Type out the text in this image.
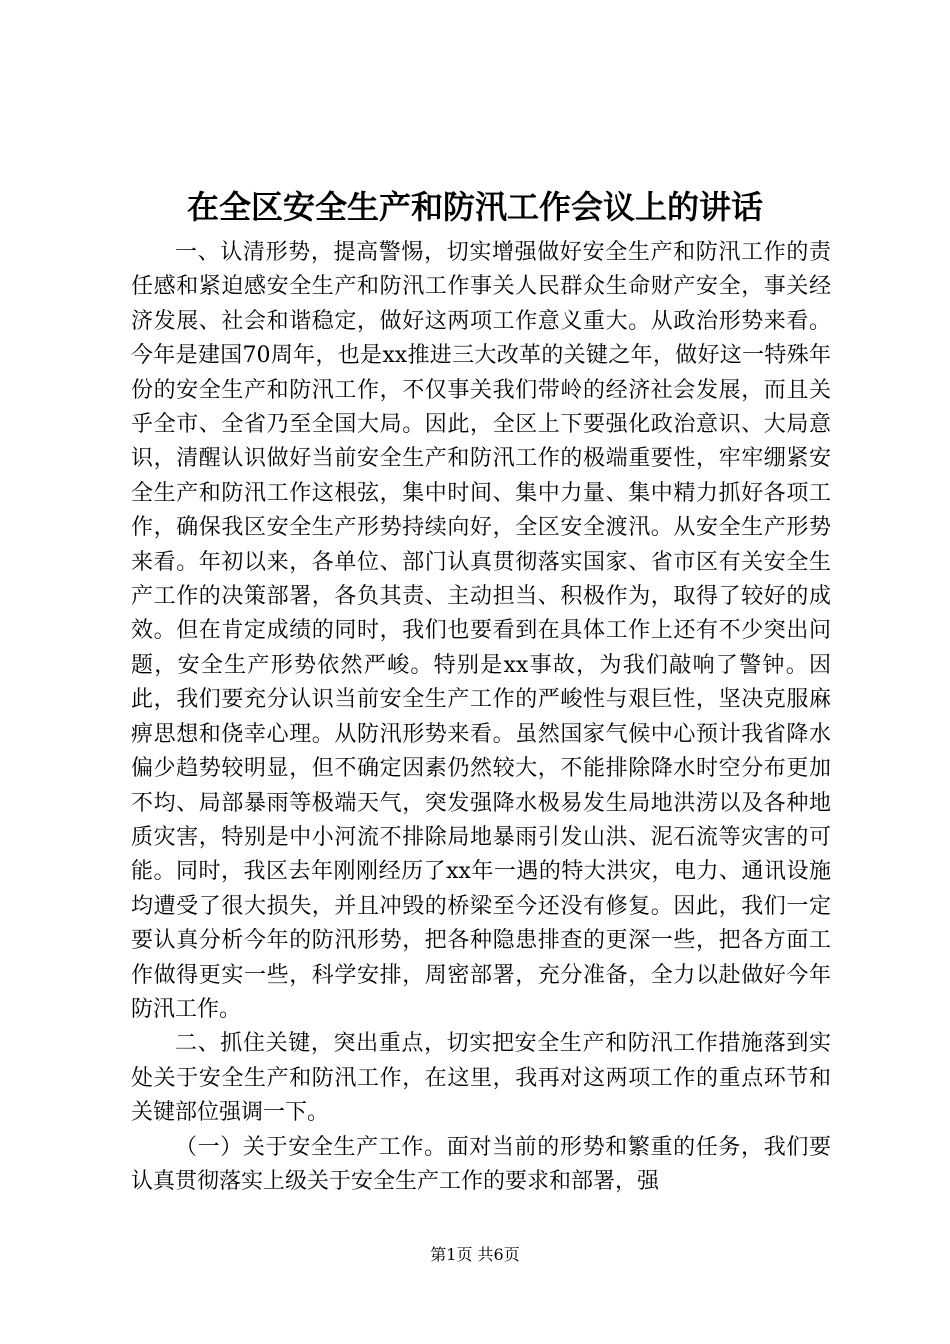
在全区安全生产和防汛工作会议上的讲话

一、认清形势，提高警惕，切实增强做好安全生产和防汛工作的责任感和紧迫感安全生产和防汛工作事关人民群众生命财产安全，事关经济发展、社会和谐稳定，做好这两项工作意义重大。从政治形势来看。今年是建国70周年，也是xx推进三大改革的关键之年，做好这一特殊年份的安全生产和防汛工作，不仅事关我们带岭的经济社会发展，而且关乎全市、全省乃至全国大局。因此，全区上下要强化政治意识、大局意识，清醒认识做好当前安全生产和防汛工作的极端重要性，牢牢绷紧安全生产和防汛工作这根弦，集中时间、集中力量、集中精力抓好各项工作，确保我区安全生产形势持续向好，全区安全渡汛。从安全生产形势来看。年初以来，各单位、部门认真贯彻落实国家、省市区有关安全生产工作的决策部署，各负其责、主动担当、积极作为，取得了较好的成效。但在肯定成绩的同时，我们也要看到在具体工作上还有不少突出问题，安全生产形势依然严峻。特别是xx事故，为我们敲响了警钟。因此，我们要充分认识当前安全生产工作的严峻性与艰巨性，坚决克服麻痹思想和侥幸心理。从防汛形势来看。虽然国家气候中心预计我省降水偏少趋势较明显，但不确定因素仍然较大，不能排除降水时空分布更加不均、局部暴雨等极端天气，突发强降水极易发生局地洪涝以及各种地质灾害，特别是中小河流不排除局地暴雨引发山洪、泥石流等灾害的可能。同时，我区去年刚刚经历了xx年一遇的特大洪灾，电力、通讯设施均遭受了很大损失，并且冲毁的桥梁至今还没有修复。因此，我们一定要认真分析今年的防汛形势，把各种隐患排查的更深一些，把各方面工作做得更实一些，科学安排，周密部署，充分准备，全力以赴做好今年防汛工作。

二、抓住关键，突出重点，切实把安全生产和防汛工作措施落到实处关于安全生产和防汛工作，在这里，我再对这两项工作的重点环节和关键部位强调一下。

（一）关于安全生产工作。面对当前的形势和繁重的任务，我们要认真贯彻落实上级关于安全生产工作的要求和部署，强

第1页 共6页
